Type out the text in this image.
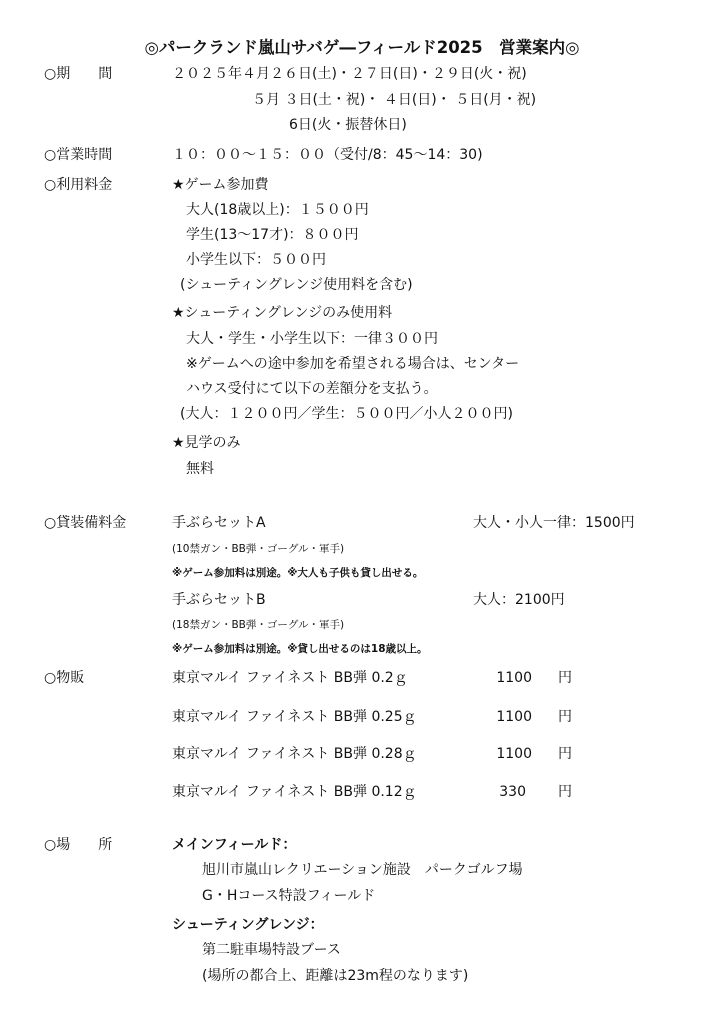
◎パークランド嵐山サバゲ―フィールド2025　営業案内◎
○期　　間	２０２５年４月２６日(土)・２７日(日)・２９日(火・祝)
５月 ３日(土・祝)・ ４日(日)・ ５日(月・祝)
6日(火・振替休日)
○営業時間	１０：００～１５：００（受付/8：45～14：30)
○利用料金	★ゲーム参加費
大人(18歳以上)：１５００円
学生(13～17才)：８００円
小学生以下：５００円
(シューティングレンジ使用料を含む)
★シューティングレンジのみ使用料
大人・学生・小学生以下：一律３００円
※ゲームへの途中参加を希望される場合は、センター
ハウス受付にて以下の差額分を支払う。
(大人：１２００円／学生：５００円／小人２００円)
★見学のみ
無料
○貸装備料金	手ぶらセットA	大人・小人一律：1500円
(10禁ガン・BB弾・ゴーグル・軍手)
※ゲーム参加料は別途。※大人も子供も貸し出せる。
手ぶらセットB	大人：2100円
(18禁ガン・BB弾・ゴーグル・軍手)
※ゲーム参加料は別途。※貸し出せるのは18歳以上。
○物販	東京マルイ ファイネスト BB弾 0.2ｇ	1100 円
東京マルイ ファイネスト BB弾 0.25ｇ	1100 円
東京マルイ ファイネスト BB弾 0.28ｇ	1100 円
東京マルイ ファイネスト BB弾 0.12ｇ	330 円
○場　　所	メインフィールド：
旭川市嵐山レクリエーション施設　パークゴルフ場
G・Hコース特設フィールド
シューティングレンジ：
第二駐車場特設ブース
(場所の都合上、距離は23m程のなります)
